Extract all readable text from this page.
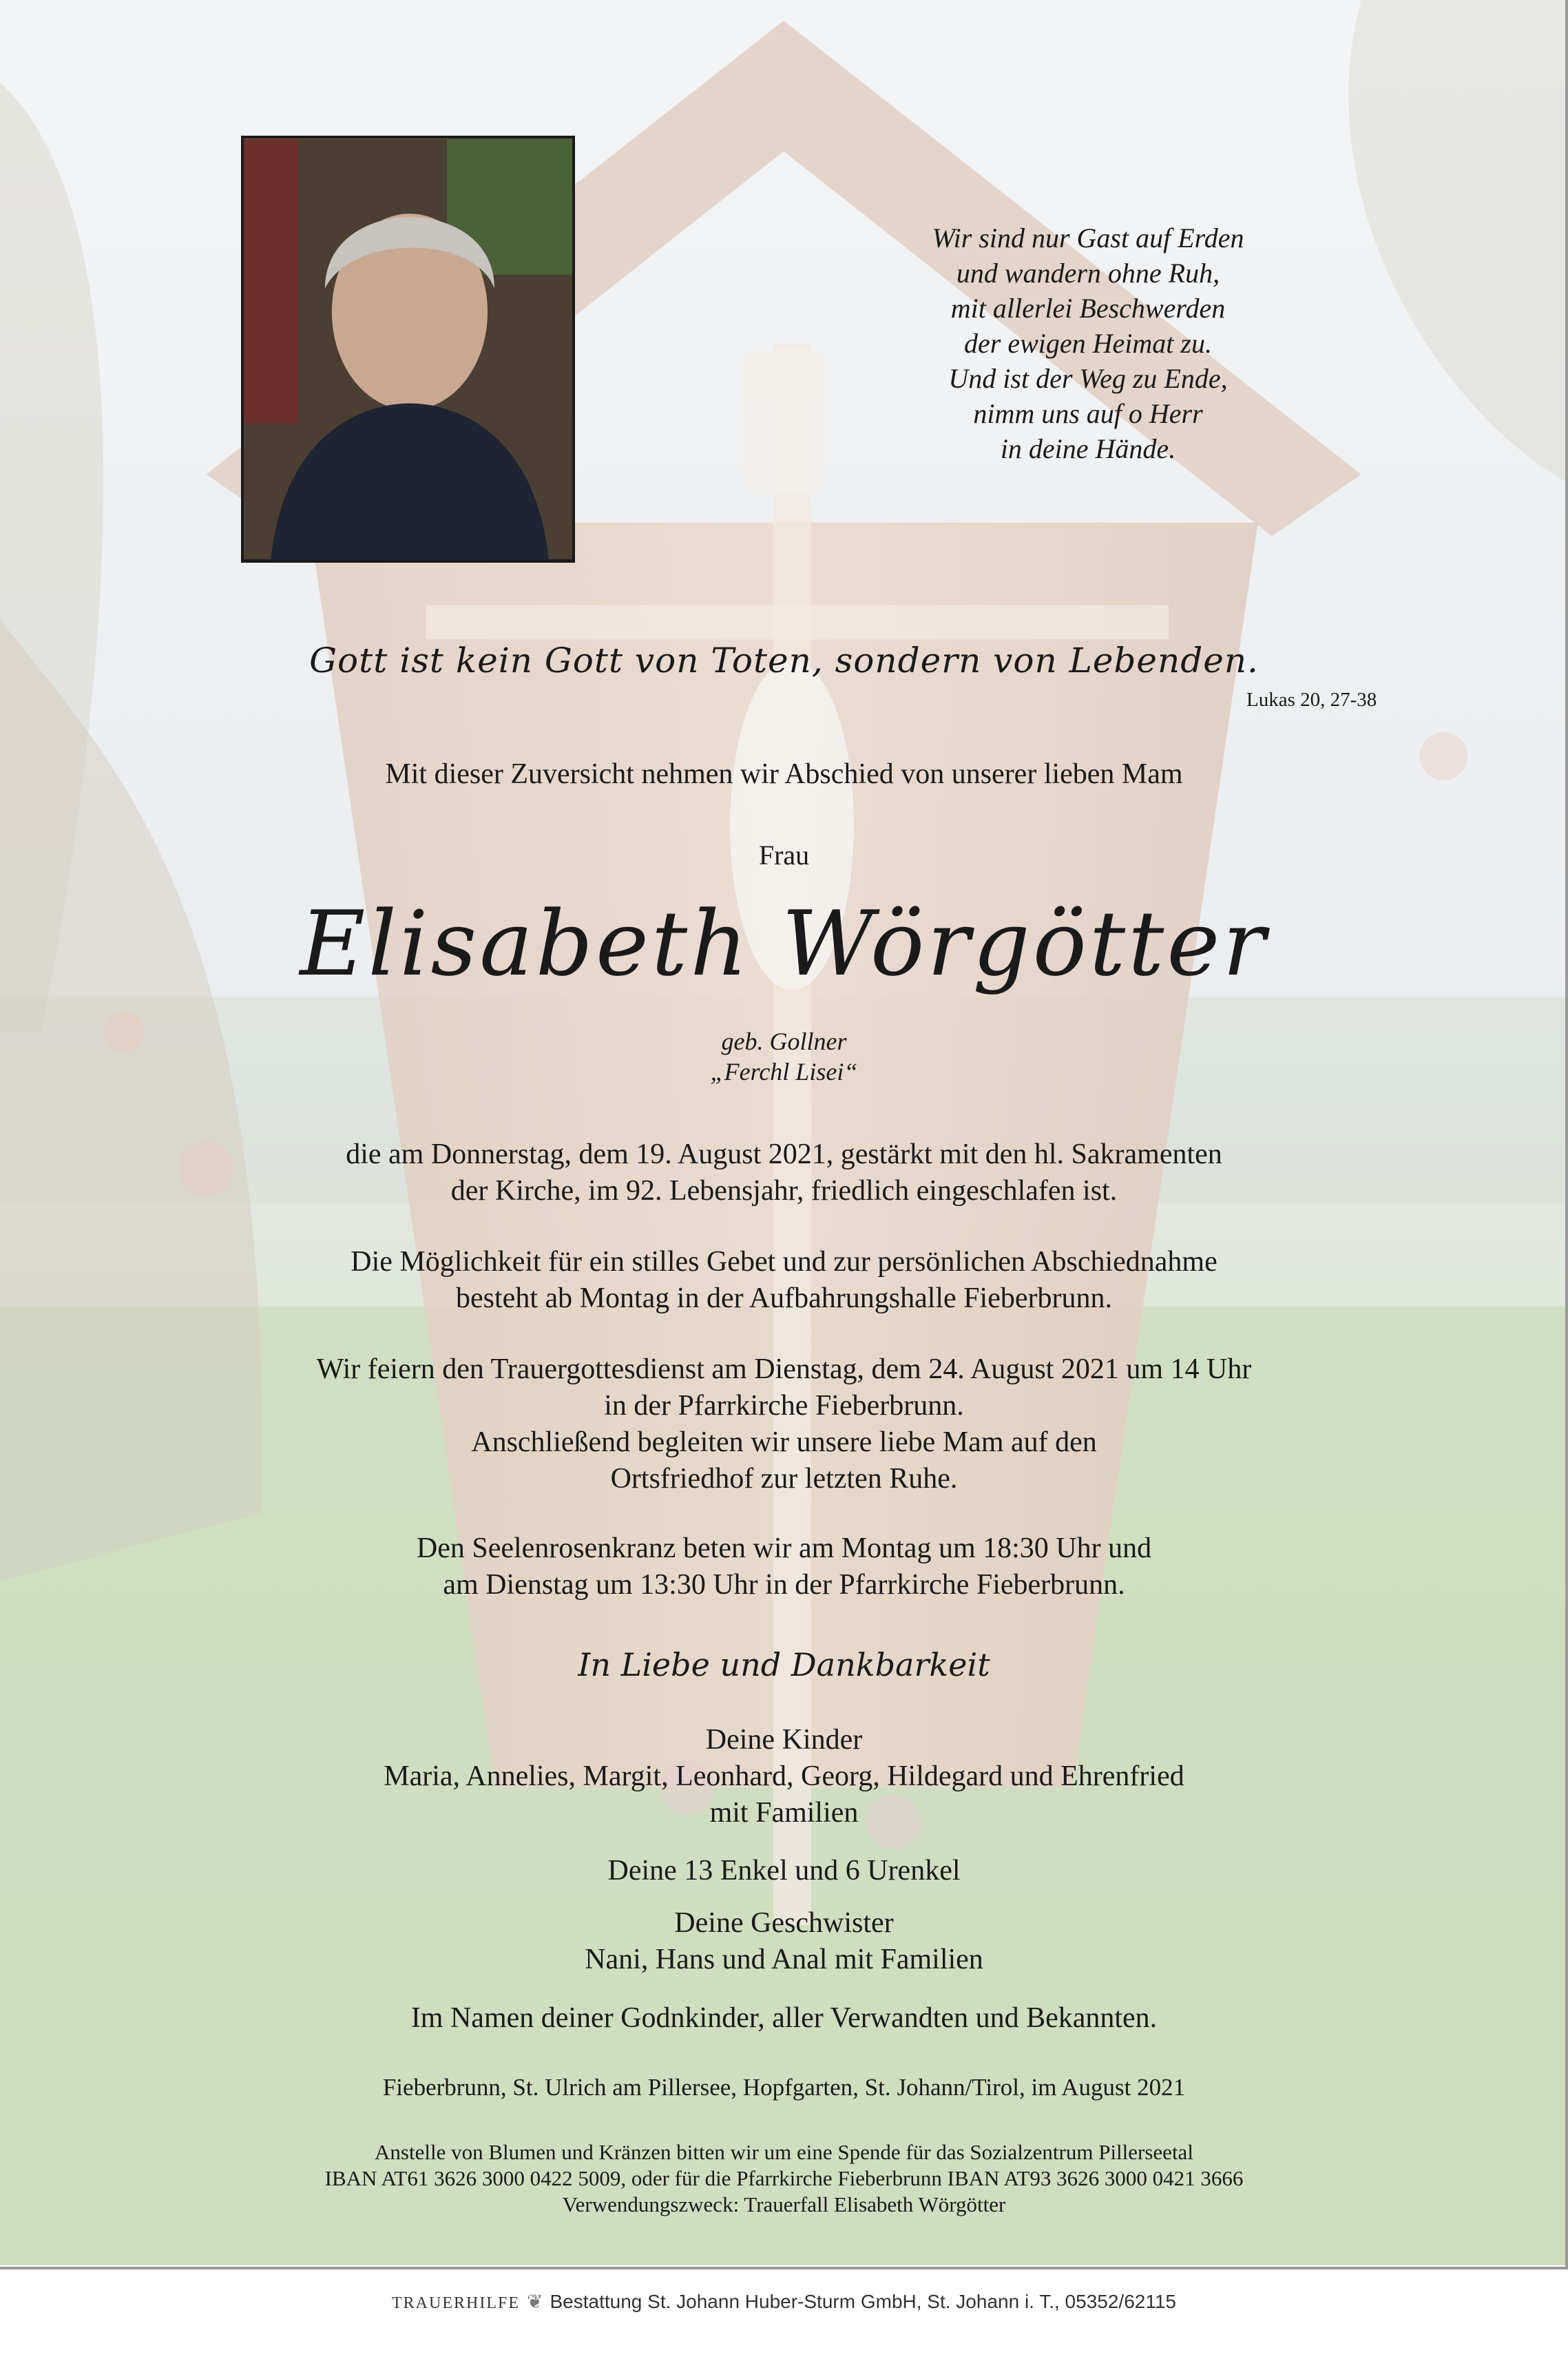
Wir sind nur Gast auf Erden

und wandern ohne Ruh,

mit allerlei Beschwerden

der ewigen Heimat zu.

Und ist der Weg zu Ende,

nimm uns auf o Herr

in deine Hände.

Gott ist kein Gott von Toten, sondern von Lebenden.
Lukas 20, 27-38
Mit dieser Zuversicht nehmen wir Abschied von unserer lieben Mam
Frau
Elisabeth Wörgötter
geb. Gollner
„Ferchl Lisei“

die am Donnerstag, dem 19. August 2021, gestärkt mit den hl. Sakramenten

der Kirche, im 92. Lebensjahr, friedlich eingeschlafen ist.

Die Möglichkeit für ein stilles Gebet und zur persönlichen Abschiednahme

besteht ab Montag in der Aufbahrungshalle Fieberbrunn.

Wir feiern den Trauergottesdienst am Dienstag, dem 24. August 2021 um 14 Uhr

in der Pfarrkirche Fieberbrunn.

Anschließend begleiten wir unsere liebe Mam auf den

Ortsfriedhof zur letzten Ruhe.

Den Seelenrosenkranz beten wir am Montag um 18:30 Uhr und

am Dienstag um 13:30 Uhr in der Pfarrkirche Fieberbrunn.

In Liebe und Dankbarkeit

Deine Kinder

Maria, Annelies, Margit, Leonhard, Georg, Hildegard und Ehrenfried

mit Familien

Deine 13 Enkel und 6 Urenkel

Deine Geschwister

Nani, Hans und Anal mit Familien

Im Namen deiner Godnkinder, aller Verwandten und Bekannten.

Fieberbrunn, St. Ulrich am Pillersee, Hopfgarten, St. Johann/Tirol, im August 2021
Anstelle von Blumen und Kränzen bitten wir um eine Spende für das Sozialzentrum Pillerseetal
IBAN AT61 3626 3000 0422 5009, oder für die Pfarrkirche Fieberbrunn IBAN AT93 3626 3000 0421 3666
Verwendungszweck: Trauerfall Elisabeth Wörgötter
TRAUERHILFE ❦ Bestattung St. Johann Huber-Sturm GmbH, St. Johann i. T., 05352/62115
